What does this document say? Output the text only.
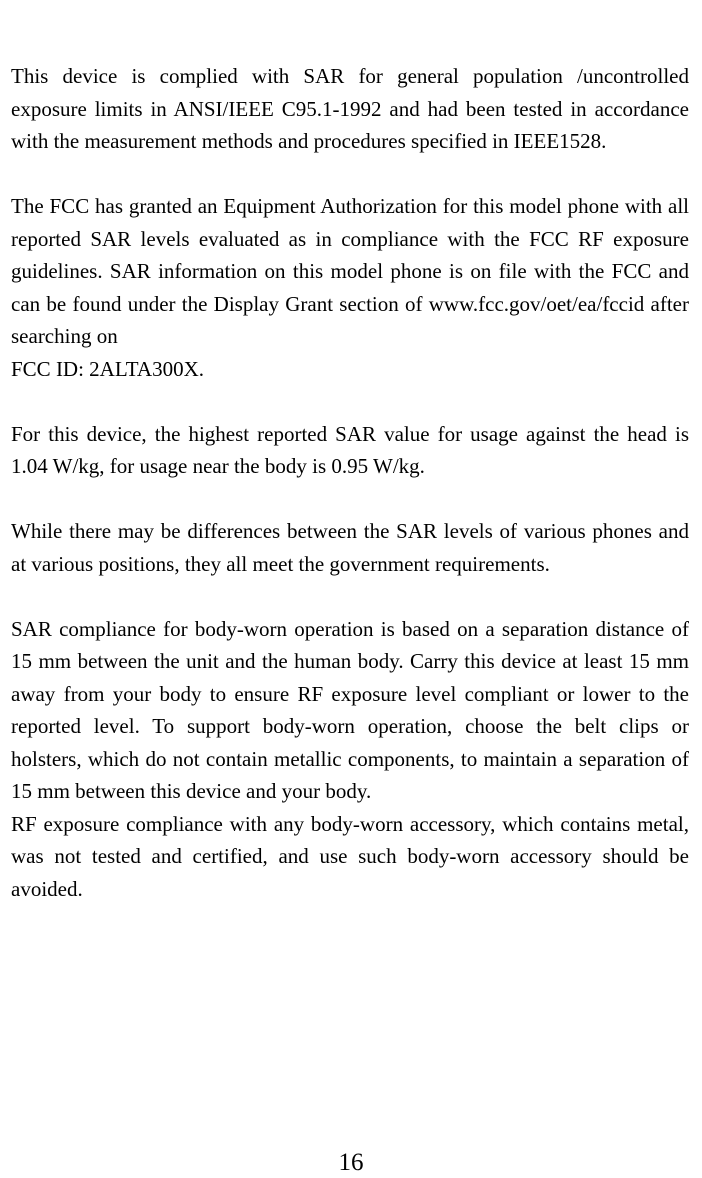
This device is complied with SAR for general population /uncontrolled exposure limits in ANSI/IEEE C95.1-1992 and had been tested in accordance with the measurement methods and procedures specified in IEEE1528.

The FCC has granted an Equipment Authorization for this model phone with all reported SAR levels evaluated as in compliance with the FCC RF exposure guidelines. SAR information on this model phone is on file with the FCC and can be found under the Display Grant section of www.fcc.gov/oet/ea/fccid after searching on

FCC ID: 2ALTA300X.

For this device, the highest reported SAR value for usage against the head is 1.04 W/kg, for usage near the body is 0.95 W/kg.

While there may be differences between the SAR levels of various phones and at various positions, they all meet the government requirements.

SAR compliance for body-worn operation is based on a separation distance of 15 mm between the unit and the human body. Carry this device at least 15 mm away from your body to ensure RF exposure level compliant or lower to the reported level. To support body-worn operation, choose the belt clips or holsters, which do not contain metallic components, to maintain a separation of 15 mm between this device and your body.

RF exposure compliance with any body-worn accessory, which contains metal, was not tested and certified, and use such body-worn accessory should be avoided.

16
